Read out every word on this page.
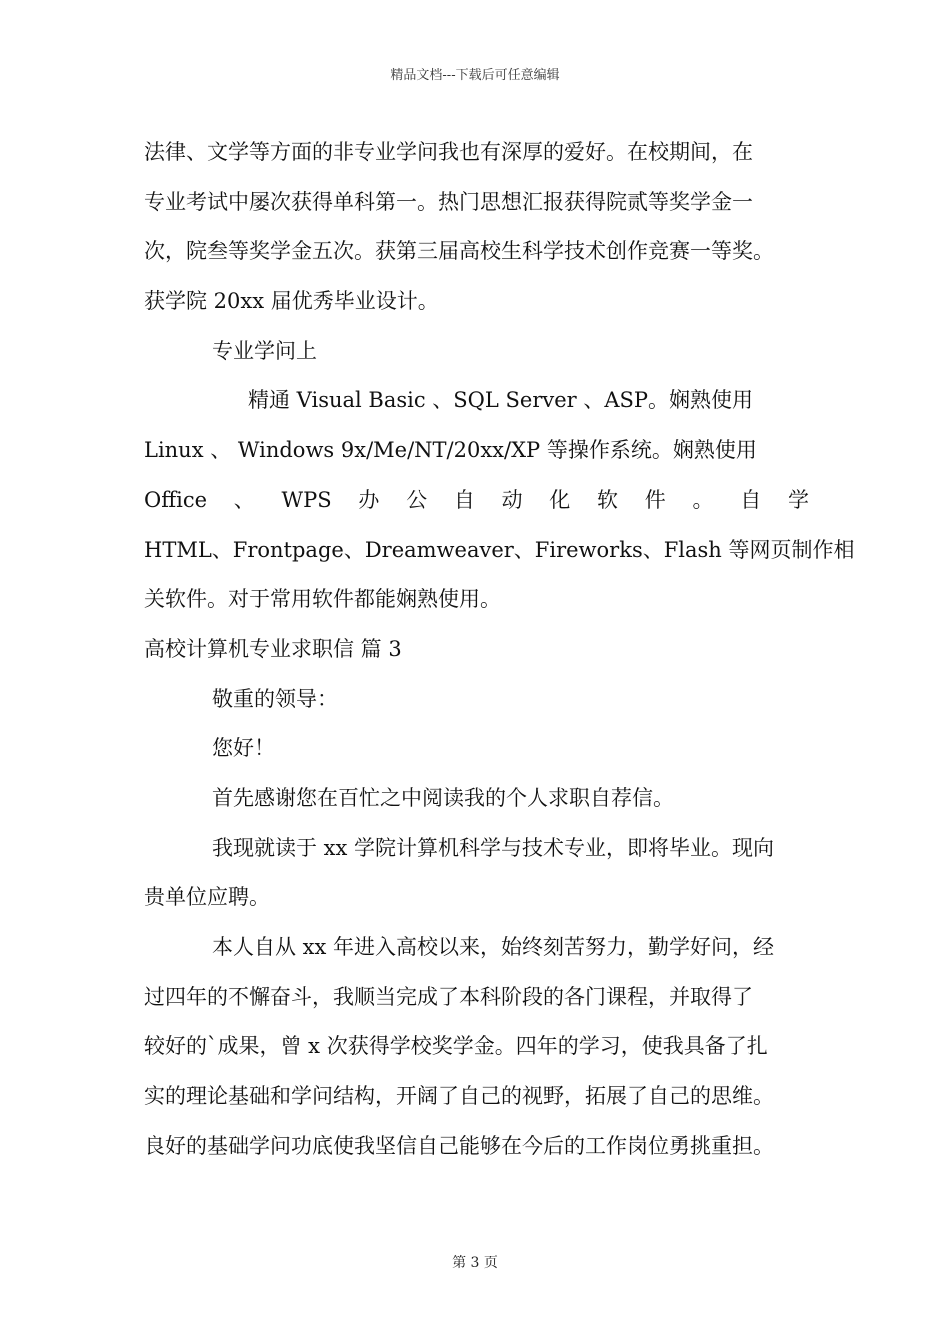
精品文档---下载后可任意编辑

法律、文学等方面的非专业学问我也有深厚的爱好。在校期间，在

专业考试中屡次获得单科第一。热门思想汇报获得院贰等奖学金一

次，院叁等奖学金五次。获第三届高校生科学技术创作竞赛一等奖。

获学院 20xx 届优秀毕业设计。

专业学问上

精通 Visual Basic 、SQL Server 、ASP。娴熟使用

Linux 、 Windows 9x/Me/NT/20xx/XP 等操作系统。娴熟使用

Office 、 WPS 办 公 自 动 化 软 件 。 自 学

HTML、Frontpage、Dreamweaver、Fireworks、Flash 等网页制作相

关软件。对于常用软件都能娴熟使用。

高校计算机专业求职信 篇 3

敬重的领导：

您好！

首先感谢您在百忙之中阅读我的个人求职自荐信。

我现就读于 xx 学院计算机科学与技术专业，即将毕业。现向

贵单位应聘。

本人自从 xx 年进入高校以来，始终刻苦努力，勤学好问，经

过四年的不懈奋斗，我顺当完成了本科阶段的各门课程，并取得了

较好的`成果，曾 x 次获得学校奖学金。四年的学习，使我具备了扎

实的理论基础和学问结构，开阔了自己的视野，拓展了自己的思维。

良好的基础学问功底使我坚信自己能够在今后的工作岗位勇挑重担。

第 3 页
